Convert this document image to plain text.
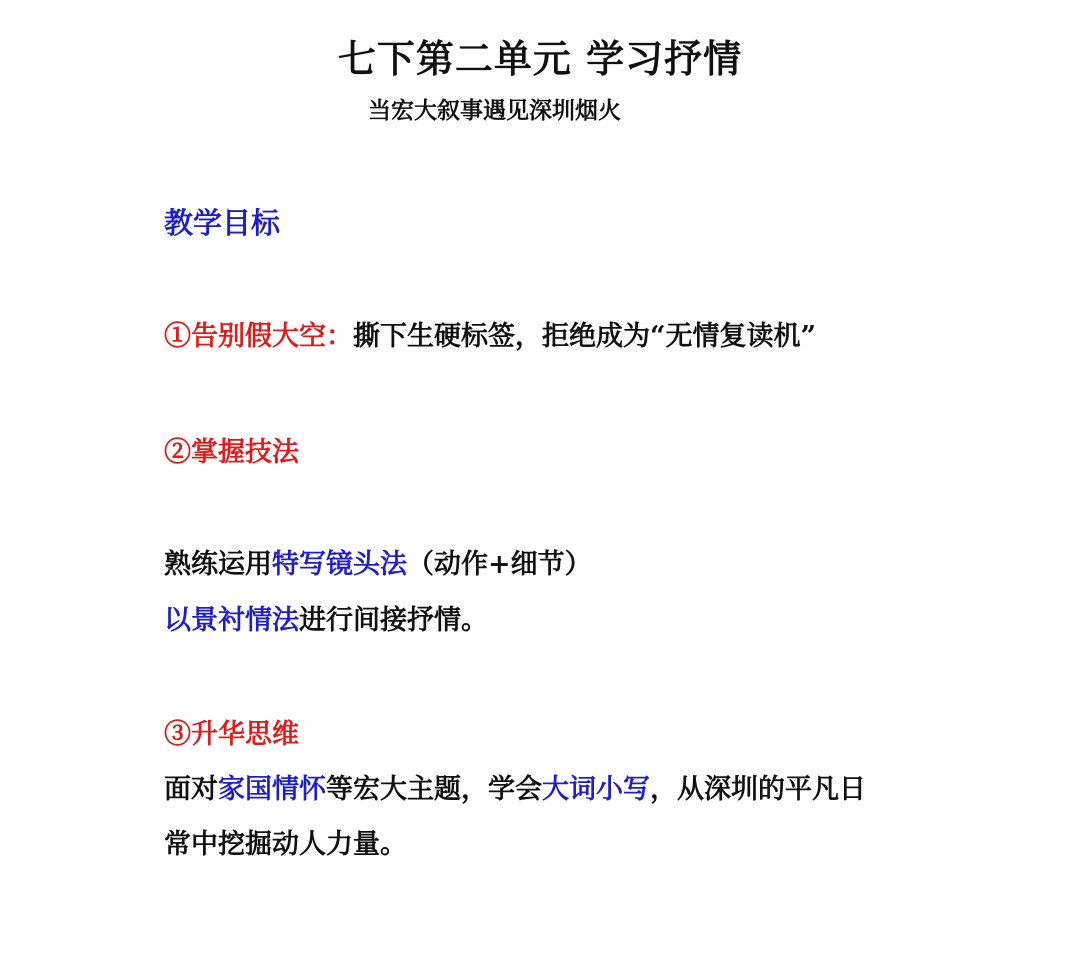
七下第二单元 学习抒情
当宏大叙事遇见深圳烟火
教学目标
①告别假大空：撕下生硬标签，拒绝成为“无情复读机”
②掌握技法
熟练运用特写镜头法（动作+细节）
以景衬情法进行间接抒情。
③升华思维
面对家国情怀等宏大主题，学会大词小写，从深圳的平凡日
常中挖掘动人力量。
